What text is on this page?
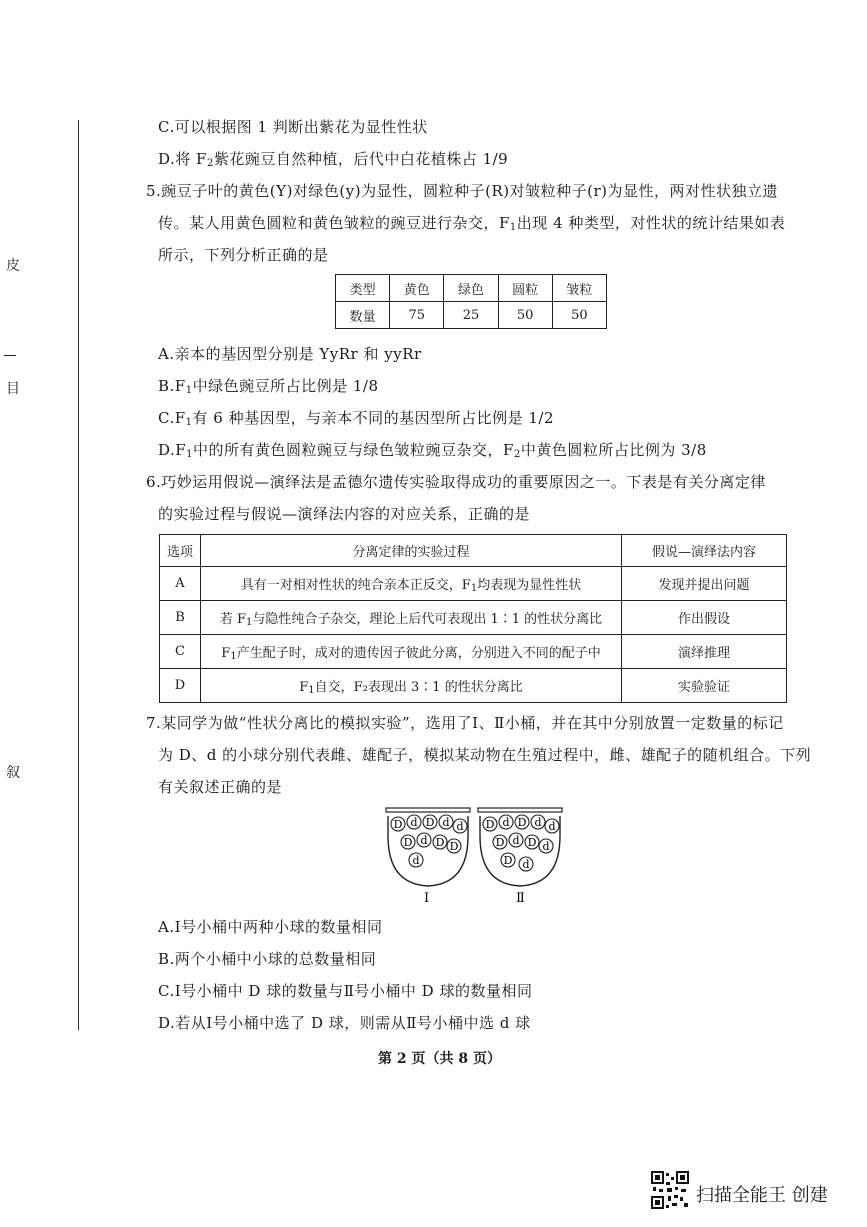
皮
目
叙
C.可以根据图 1 判断出紫花为显性性状
D.将 $F_2$紫花豌豆自然种植，后代中白花植株占 1/9
5.豌豆子叶的黄色(Y)对绿色(y)为显性，圆粒种子(R)对皱粒种子(r)为显性，两对性状独立遗
传。某人用黄色圆粒和黄色皱粒的豌豆进行杂交，$F_1$出现 4 种类型，对性状的统计结果如表
所示，下列分析正确的是
类型	黄色	绿色	圆粒	皱粒
数量	75	25	50	50
A.亲本的基因型分别是 YyRr 和 yyRr
$B.F_1$中绿色豌豆所占比例是 1/8
$C.F_1$有 6 种基因型，与亲本不同的基因型所占比例是 1/2
$D.F_1$中的所有黄色圆粒豌豆与绿色皱粒豌豆杂交，$F_2$中黄色圆粒所占比例为 3/8
6.巧妙运用假说—演绎法是孟德尔遗传实验取得成功的重要原因之一。下表是有关分离定律
的实验过程与假说—演绎法内容的对应关系，正确的是
选项	分离定律的实验过程	假说—演绎法内容
A	具有一对相对性状的纯合亲本正反交，$F_1$均表现为显性性状	发现并提出问题
B	若 $F_1$与隐性纯合子杂交，理论上后代可表现出 1∶1 的性状分离比	作出假设
C	$F_1$产生配子时，成对的遗传因子彼此分离，分别进入不同的配子中	演绎推理
D	$F_1$自交，F₂表现出 3∶1 的性状分离比	实验验证
7.某同学为做“性状分离比的模拟实验”，选用了Ⅰ、Ⅱ小桶，并在其中分别放置一定数量的标记
为 D、d 的小球分别代表雌、雄配子，模拟某动物在生殖过程中，雌、雄配子的随机组合。下列
有关叙述正确的是
D d D d d
D d D D
d
D d D d d
D d D d
D d
Ⅰ	Ⅱ
A.Ⅰ号小桶中两种小球的数量相同
B.两个小桶中小球的总数量相同
C.Ⅰ号小桶中 D 球的数量与Ⅱ号小桶中 D 球的数量相同
D.若从Ⅰ号小桶中选了 D 球，则需从Ⅱ号小桶中选 d 球
第 2 页（共 8 页）
扫描全能王 创建
